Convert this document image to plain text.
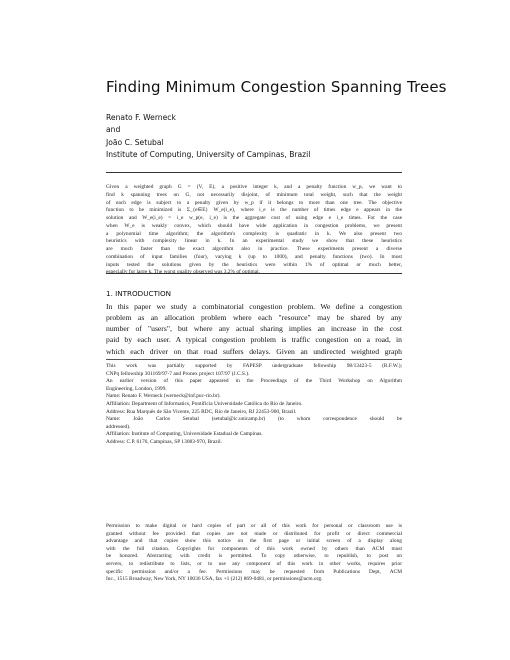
Finding Minimum Congestion Spanning Trees
Renato F. Werneck
and
João C. Setubal
Institute of Computing, University of Campinas, Brazil
Given a weighted graph G = (V, E), a positive integer k, and a penalty function w_p, we want to
find k spanning trees on G, not necessarily disjoint, of minimum total weight, such that the weight
of each edge is subject to a penalty given by w_p if it belongs to more than one tree. The objective
function to be minimized is Σ_{e∈E} W_e(i_e), where i_e is the number of times edge e appears in the
solution and W_e(i_e) = i_e w_p(e, i_e) is the aggregate cost of using edge e i_e times. For the case
when W_e is weakly convex, which should have wide application in congestion problems, we present
a polynomial time algorithm; the algorithm's complexity is quadratic in k. We also present two
heuristics with complexity linear in k. In an experimental study we show that these heuristics
are much faster than the exact algorithm also in practice. These experiments present a diverse
combination of input families (four), varying k (up to 1000), and penalty functions (two). In most
inputs tested the solutions given by the heuristics were within 1% of optimal or much better,
especially for large k. The worst quality observed was 3.2% of optimal.
1. INTRODUCTION
In this paper we study a combinatorial congestion problem. We define a congestion
problem as an allocation problem where each "resource" may be shared by any
number of "users", but where any actual sharing implies an increase in the cost
paid by each user. A typical congestion problem is traffic congestion on a road, in
which each driver on that road suffers delays. Given an undirected weighted graph
This work was partially supported by FAPESP undergraduate fellowship 98/13423-5 (R.F.W.);
CNPq fellowship 301169/97-7 and Pronex project 107/97 (J.C.S.).
An earlier version of this paper appeared in the Proceedings of the Third Workshop on Algorithm
Engineering, London, 1999.
Name: Renato F. Werneck (werneck@inf.puc-rio.br).
Affiliation: Department of Informatics, Pontifícia Universidade Católica do Rio de Janeiro.
Address: Rua Marquês de São Vicente, 225 RDC, Rio de Janeiro, RJ 22453-900, Brazil.
Name: João Carlos Setubal (setubal@ic.unicamp.br) (to whom correspondence should be
addressed).
Affiliation: Institute of Computing, Universidade Estadual de Campinas.
Address: C.P. 6176, Campinas, SP 13083-970, Brazil.
Permission to make digital or hard copies of part or all of this work for personal or classroom use is
granted without fee provided that copies are not made or distributed for profit or direct commercial
advantage and that copies show this notice on the first page or initial screen of a display along
with the full citation. Copyrights for components of this work owned by others than ACM must
be honored. Abstracting with credit is permitted. To copy otherwise, to republish, to post on
servers, to redistribute to lists, or to use any component of this work in other works, requires prior
specific permission and/or a fee. Permissions may be requested from Publications Dept, ACM
Inc., 1515 Broadway, New York, NY 10036 USA, fax +1 (212) 869-0481, or permissions@acm.org.
